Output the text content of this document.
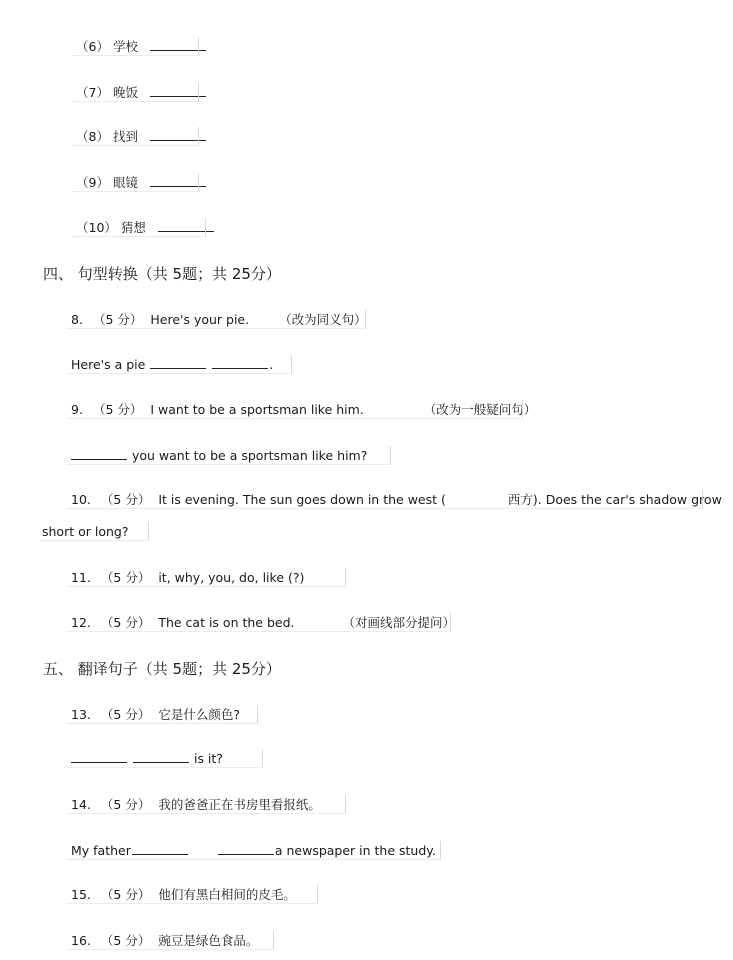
（6） 学校
（7） 晚饭
（8） 找到
（9） 眼镜
（10） 猜想
四、 句型转换（共 5题；共 25分）
8. （5 分） Here's your pie. （改为同义句）
Here's a pie	.
9. （5 分） I want to be a sportsman like him.	（改为一般疑问句）
you want to be a sportsman like him?
10. （5 分） It is evening. The sun goes down in the west (	西方). Does the car's shadow grow
short or long?
11. （5 分） it, why, you, do, like (?)
12. （5 分） The cat is on the bed.	（对画线部分提问）
五、 翻译句子（共 5题；共 25分）
13. （5 分） 它是什么颜色?
is it?
14. （5 分） 我的爸爸正在书房里看报纸。
My father	a newspaper in the study.
15. （5 分） 他们有黑白相间的皮毛。
16. （5 分） 豌豆是绿色食品。
